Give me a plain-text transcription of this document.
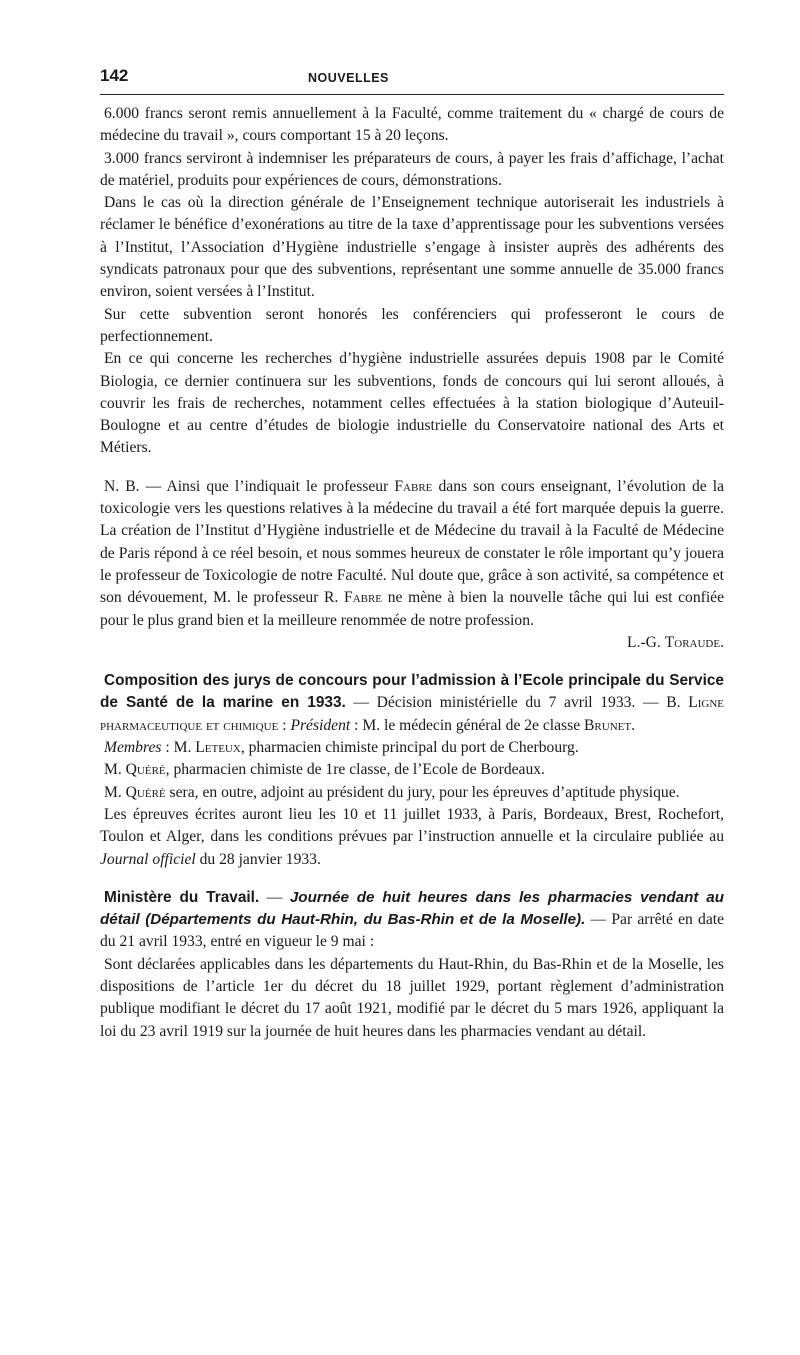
142	NOUVELLES

6.000 francs seront remis annuellement à la Faculté, comme traitement du « chargé de cours de médecine du travail », cours comportant 15 à 20 leçons.

3.000 francs serviront à indemniser les préparateurs de cours, à payer les frais d’affichage, l’achat de matériel, produits pour expériences de cours, démonstrations.

Dans le cas où la direction générale de l’Enseignement technique autoriserait les industriels à réclamer le bénéfice d’exonérations au titre de la taxe d’apprentissage pour les subventions versées à l’Institut, l’Association d’Hygiène industrielle s’engage à insister auprès des adhérents des syndicats patronaux pour que des subventions, représentant une somme annuelle de 35.000 francs environ, soient versées à l’Institut.

Sur cette subvention seront honorés les conférenciers qui professeront le cours de perfectionnement.

En ce qui concerne les recherches d’hygiène industrielle assurées depuis 1908 par le Comité Biologia, ce dernier continuera sur les subventions, fonds de concours qui lui seront alloués, à couvrir les frais de recherches, notamment celles effectuées à la station biologique d’Auteuil-Boulogne et au centre d’études de biologie industrielle du Conservatoire national des Arts et Métiers.

N. B. — Ainsi que l’indiquait le professeur Fabre dans son cours enseignant, l’évolution de la toxicologie vers les questions relatives à la médecine du travail a été fort marquée depuis la guerre. La création de l’Institut d’Hygiène industrielle et de Médecine du travail à la Faculté de Médecine de Paris répond à ce réel besoin, et nous sommes heureux de constater le rôle important qu’y jouera le professeur de Toxicologie de notre Faculté. Nul doute que, grâce à son activité, sa compétence et son dévouement, M. le professeur R. Fabre ne mène à bien la nouvelle tâche qui lui est confiée pour le plus grand bien et la meilleure renommée de notre profession.

L.-G. Toraude.

Composition des jurys de concours pour l’admission à l’Ecole principale du Service de Santé de la marine en 1933. — Décision ministérielle du 7 avril 1933. — B. Ligne pharmaceutique et chimique : Président : M. le médecin général de 2e classe Brunet.

Membres : M. Leteux, pharmacien chimiste principal du port de Cherbourg.

M. Quéré, pharmacien chimiste de 1re classe, de l’Ecole de Bordeaux.

M. Quéré sera, en outre, adjoint au président du jury, pour les épreuves d’aptitude physique.

Les épreuves écrites auront lieu les 10 et 11 juillet 1933, à Paris, Bordeaux, Brest, Rochefort, Toulon et Alger, dans les conditions prévues par l’instruction annuelle et la circulaire publiée au Journal officiel du 28 janvier 1933.

Ministère du Travail. — Journée de huit heures dans les pharmacies vendant au détail (Départements du Haut-Rhin, du Bas-Rhin et de la Moselle). — Par arrêté en date du 21 avril 1933, entré en vigueur le 9 mai :

Sont déclarées applicables dans les départements du Haut-Rhin, du Bas-Rhin et de la Moselle, les dispositions de l’article 1er du décret du 18 juillet 1929, portant règlement d’administration publique modifiant le décret du 17 août 1921, modifié par le décret du 5 mars 1926, appliquant la loi du 23 avril 1919 sur la journée de huit heures dans les pharmacies vendant au détail.
